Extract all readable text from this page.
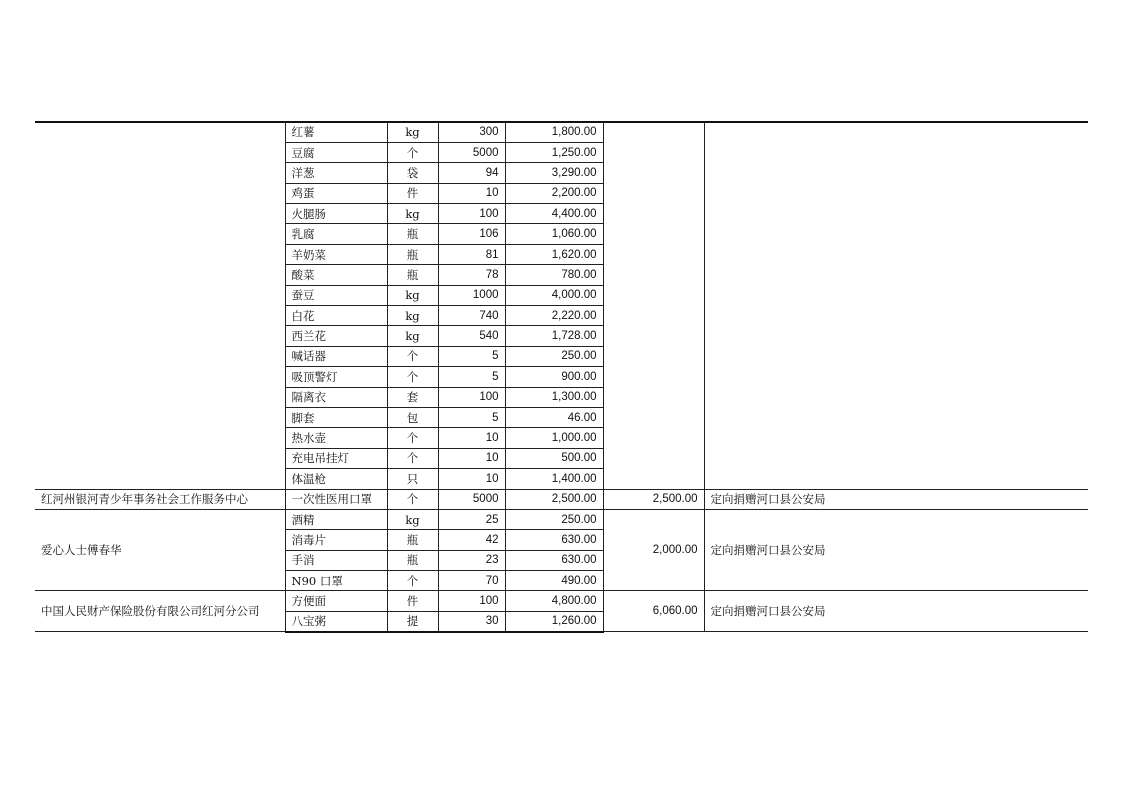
	红薯	kg	300	1,800.00		
	豆腐	个	5000	1,250.00		
	洋葱	袋	94	3,290.00		
	鸡蛋	件	10	2,200.00		
	火腿肠	kg	100	4,400.00		
	乳腐	瓶	106	1,060.00		
	羊奶菜	瓶	81	1,620.00		
	酸菜	瓶	78	780.00		
	蚕豆	kg	1000	4,000.00		
	白花	kg	740	2,220.00		
	西兰花	kg	540	1,728.00		
	喊话器	个	5	250.00		
	吸顶警灯	个	5	900.00		
	隔离衣	套	100	1,300.00		
	脚套	包	5	46.00		
	热水壶	个	10	1,000.00		
	充电吊挂灯	个	10	500.00		
	体温枪	只	10	1,400.00		
红河州银河青少年事务社会工作服务中心	一次性医用口罩	个	5000	2,500.00	2,500.00	定向捐赠河口县公安局
爱心人士傅春华	酒精	kg	25	250.00	2,000.00	定向捐赠河口县公安局
	消毒片	瓶	42	630.00		
	手消	瓶	23	630.00		
	N90 口罩	个	70	490.00		
中国人民财产保险股份有限公司红河分公司	方便面	件	100	4,800.00	6,060.00	定向捐赠河口县公安局
	八宝粥	提	30	1,260.00		
